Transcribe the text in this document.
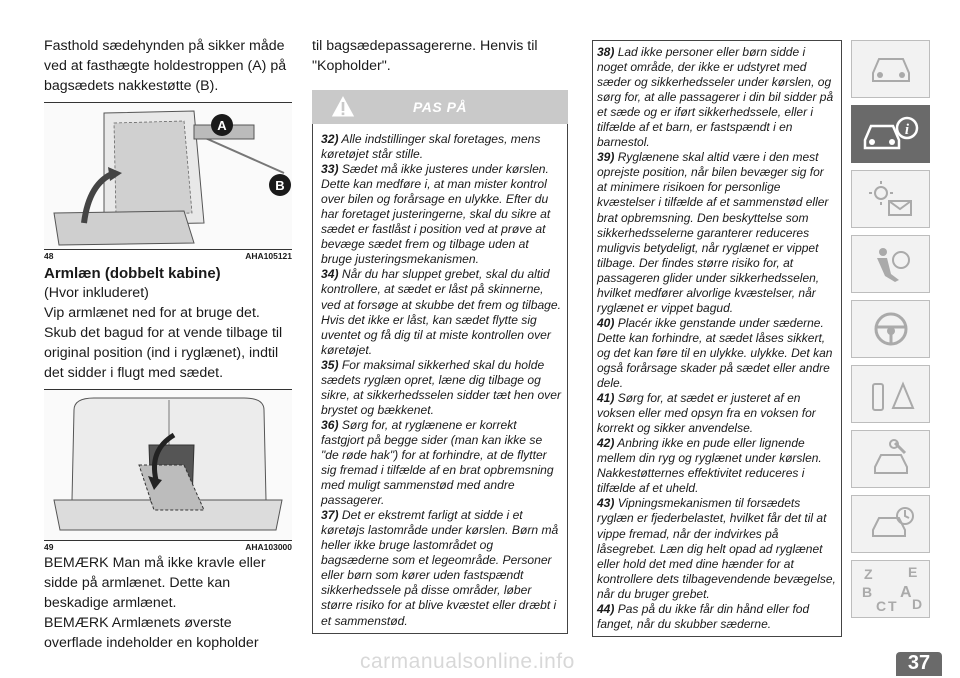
Fasthold sædehynden på sikker måde ved at fasthægte holdestroppen (A) på bagsædets nakkestøtte (B).

A
B
48	AHA105121

Armlæn (dobbelt kabine)

(Hvor inkluderet)

Vip armlænet ned for at bruge det. Skub det bagud for at vende tilbage til original position (ind i ryglænet), indtil det sidder i flugt med sædet.

49	AHA103000

BEMÆRK Man må ikke kravle eller sidde på armlænet. Dette kan beskadige armlænet.

BEMÆRK Armlænets øverste overflade indeholder en kopholder

til bagsædepassagererne. Henvis til "Kopholder".

PAS PÅ

32) Alle indstillinger skal foretages, mens køretøjet står stille.

33) Sædet må ikke justeres under kørslen. Dette kan medføre i, at man mister kontrol over bilen og forårsage en ulykke. Efter du har foretaget justeringerne, skal du sikre at sædet er fastlåst i position ved at prøve at bevæge sædet frem og tilbage uden at bruge justeringsmekanismen.

34) Når du har sluppet grebet, skal du altid kontrollere, at sædet er låst på skinnerne, ved at forsøge at skubbe det frem og tilbage. Hvis det ikke er låst, kan sædet flytte sig uventet og få dig til at miste kontrollen over køretøjet.

35) For maksimal sikkerhed skal du holde sædets ryglæn opret, læne dig tilbage og sikre, at sikkerhedsselen sidder tæt hen over brystet og bækkenet.

36) Sørg for, at ryglænene er korrekt fastgjort på begge sider (man kan ikke se "de røde hak") for at forhindre, at de flytter sig fremad i tilfælde af en brat opbremsning med muligt sammenstød med andre passagerer.

37) Det er ekstremt farligt at sidde i et køretøjs lastområde under kørslen. Børn må heller ikke bruge lastområdet og bagsæderne som et legeområde. Personer eller børn som kører uden fastspændt sikkerhedssele på disse områder, løber større risiko for at blive kvæstet eller dræbt i et sammenstød.

38) Lad ikke personer eller børn sidde i noget område, der ikke er udstyret med sæder og sikkerhedsseler under kørslen, og sørg for, at alle passagerer i din bil sidder på et sæde og er iført sikkerhedssele, eller i tilfælde af et barn, er fastspændt i en barnestol.

39) Ryglænene skal altid være i den mest oprejste position, når bilen bevæger sig for at minimere risikoen for personlige kvæstelser i tilfælde af et sammenstød eller brat opbremsning. Den beskyttelse som sikkerhedsselerne garanterer reduceres muligvis betydeligt, når ryglænet er vippet tilbage. Der findes større risiko for, at passageren glider under sikkerhedsselen, hvilket medfører alvorlige kvæstelser, når ryglænet er vippet bagud.

40) Placér ikke genstande under sæderne. Dette kan forhindre, at sædet låses sikkert, og det kan føre til en ulykke. ulykke. Det kan også forårsage skader på sædet eller andre dele.

41) Sørg for, at sædet er justeret af en voksen eller med opsyn fra en voksen for korrekt og sikker anvendelse.

42) Anbring ikke en pude eller lignende mellem din ryg og ryglænet under kørslen. Nakkestøtternes effektivitet reduceres i tilfælde af et uheld.

43) Vipningsmekanismen til forsædets ryglæn er fjederbelastet, hvilket får det til at vippe fremad, når der indvirkes på låsegrebet. Læn dig helt opad ad ryglænet eller hold det med dine hænder for at kontrollere dets tilbagevendende bevægelse, når du bruger grebet.

44) Pas på du ikke får din hånd eller fod fanget, når du skubber sæderne.

i
Z	E
B A
C T D
carmanualsonline.info	37
